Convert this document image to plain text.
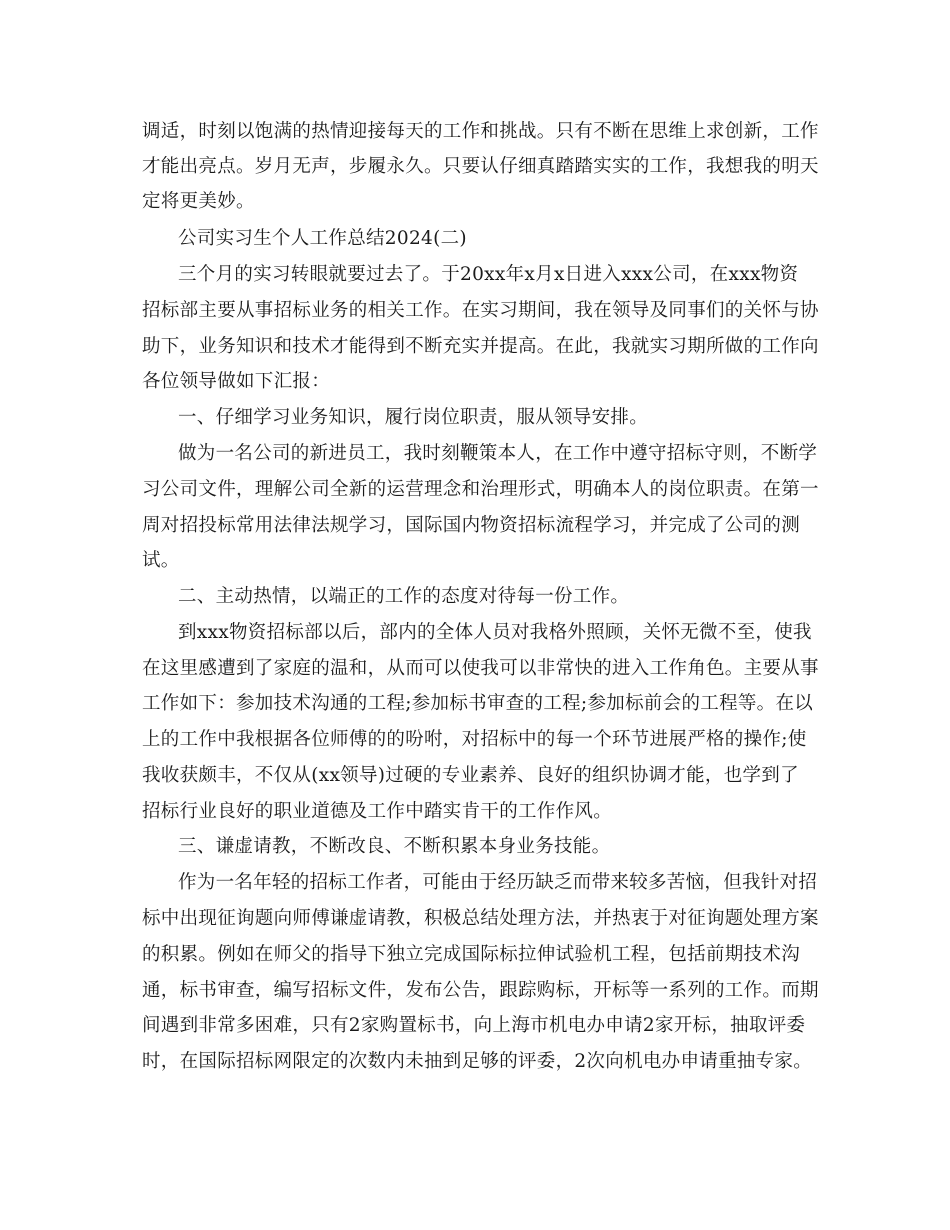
调适，时刻以饱满的热情迎接每天的工作和挑战。只有不断在思维上求创新，工作
才能出亮点。岁月无声，步履永久。只要认仔细真踏踏实实的工作，我想我的明天
定将更美妙。
公司实习生个人工作总结2024(二)
三个月的实习转眼就要过去了。于20xx年x月x日进入xxx公司，在xxx物资
招标部主要从事招标业务的相关工作。在实习期间，我在领导及同事们的关怀与协
助下，业务知识和技术才能得到不断充实并提高。在此，我就实习期所做的工作向
各位领导做如下汇报：
一、仔细学习业务知识，履行岗位职责，服从领导安排。
做为一名公司的新进员工，我时刻鞭策本人，在工作中遵守招标守则，不断学
习公司文件，理解公司全新的运营理念和治理形式，明确本人的岗位职责。在第一
周对招投标常用法律法规学习，国际国内物资招标流程学习，并完成了公司的测
试。
二、主动热情，以端正的工作的态度对待每一份工作。
到xxx物资招标部以后，部内的全体人员对我格外照顾，关怀无微不至，使我
在这里感遭到了家庭的温和，从而可以使我可以非常快的进入工作角色。主要从事
工作如下：参加技术沟通的工程;参加标书审查的工程;参加标前会的工程等。在以
上的工作中我根据各位师傅的的吩咐，对招标中的每一个环节进展严格的操作;使
我收获颇丰，不仅从(xx领导)过硬的专业素养、良好的组织协调才能，也学到了
招标行业良好的职业道德及工作中踏实肯干的工作作风。
三、谦虚请教，不断改良、不断积累本身业务技能。
作为一名年轻的招标工作者，可能由于经历缺乏而带来较多苦恼，但我针对招
标中出现征询题向师傅谦虚请教，积极总结处理方法，并热衷于对征询题处理方案
的积累。例如在师父的指导下独立完成国际标拉伸试验机工程，包括前期技术沟
通，标书审查，编写招标文件，发布公告，跟踪购标，开标等一系列的工作。而期
间遇到非常多困难，只有2家购置标书，向上海市机电办申请2家开标，抽取评委
时，在国际招标网限定的次数内未抽到足够的评委，2次向机电办申请重抽专家。
